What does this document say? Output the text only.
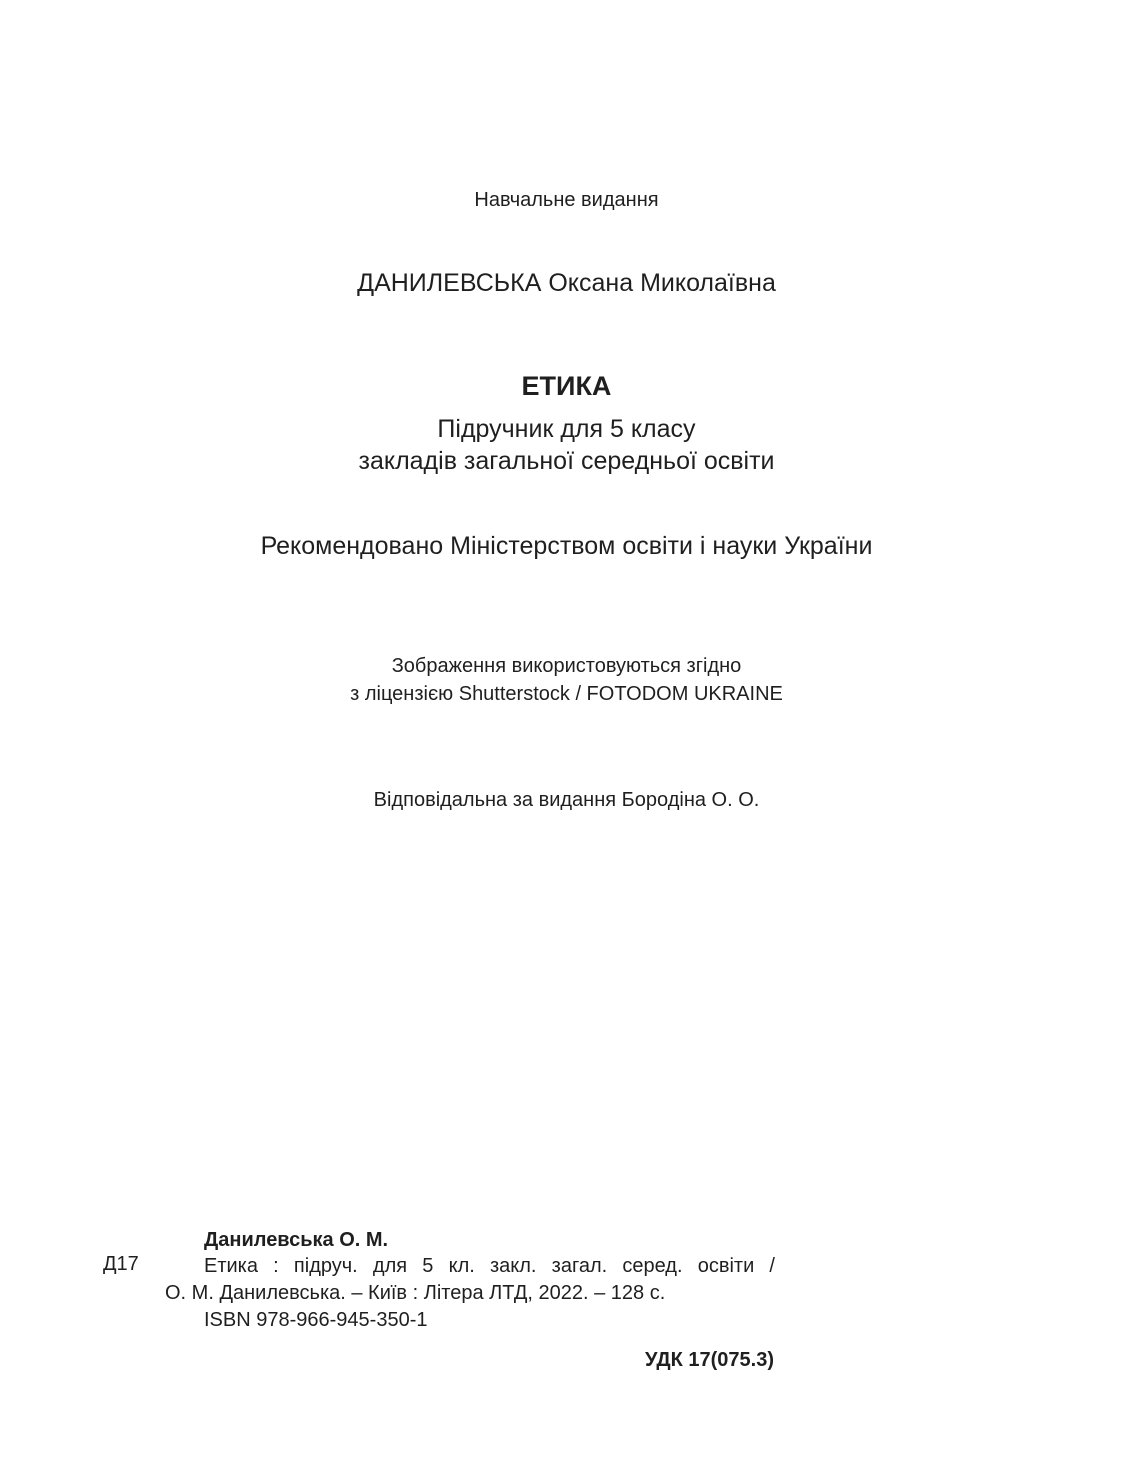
Навчальне видання
ДАНИЛЕВСЬКА Оксана Миколаївна
ЕТИКА
Підручник для 5 класу
закладів загальної середньої освіти
Рекомендовано Міністерством освіти і науки України
Зображення використовуються згідно
з ліцензією Shutterstock / FOTODOM UKRAINE
Відповідальна за видання Бородіна О. О.
Данилевська О. М.
Д17	Етика : підруч. для 5 кл. закл. загал. серед. освіти /
О. М. Данилевська. – Київ : Літера ЛТД, 2022. – 128 с.
ISBN 978-966-945-350-1
УДК 17(075.3)
